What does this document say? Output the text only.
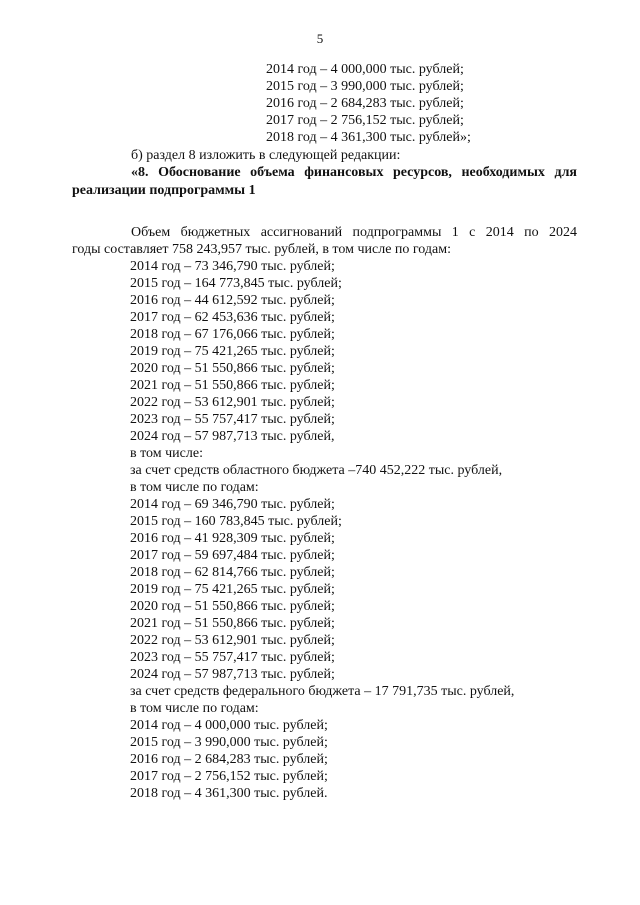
5
2014 год – 4 000,000 тыс. рублей;
2015 год – 3 990,000 тыс. рублей;
2016 год – 2 684,283 тыс. рублей;
2017 год – 2 756,152 тыс. рублей;
2018 год – 4 361,300 тыс. рублей»;
б) раздел 8 изложить в следующей редакции:
«8. Обоснование объема финансовых ресурсов, необходимых для
реализации подпрограммы 1
Объем бюджетных ассигнований подпрограммы 1 с 2014 по 2024
годы составляет 758 243,957 тыс. рублей, в том числе по годам:
2014 год – 73 346,790 тыс. рублей;
2015 год – 164 773,845 тыс. рублей;
2016 год – 44 612,592 тыс. рублей;
2017 год – 62 453,636 тыс. рублей;
2018 год – 67 176,066 тыс. рублей;
2019 год – 75 421,265 тыс. рублей;
2020 год – 51 550,866 тыс. рублей;
2021 год – 51 550,866 тыс. рублей;
2022 год – 53 612,901 тыс. рублей;
2023 год – 55 757,417 тыс. рублей;
2024 год – 57 987,713 тыс. рублей,
в том числе:
за счет средств областного бюджета –740 452,222 тыс. рублей,
в том числе по годам:
2014 год – 69 346,790 тыс. рублей;
2015 год – 160 783,845 тыс. рублей;
2016 год – 41 928,309 тыс. рублей;
2017 год – 59 697,484 тыс. рублей;
2018 год – 62 814,766 тыс. рублей;
2019 год – 75 421,265 тыс. рублей;
2020 год – 51 550,866 тыс. рублей;
2021 год – 51 550,866 тыс. рублей;
2022 год – 53 612,901 тыс. рублей;
2023 год – 55 757,417 тыс. рублей;
2024 год – 57 987,713 тыс. рублей;
за счет средств федерального бюджета – 17 791,735 тыс. рублей,
в том числе по годам:
2014 год – 4 000,000 тыс. рублей;
2015 год – 3 990,000 тыс. рублей;
2016 год – 2 684,283 тыс. рублей;
2017 год – 2 756,152 тыс. рублей;
2018 год – 4 361,300 тыс. рублей.
